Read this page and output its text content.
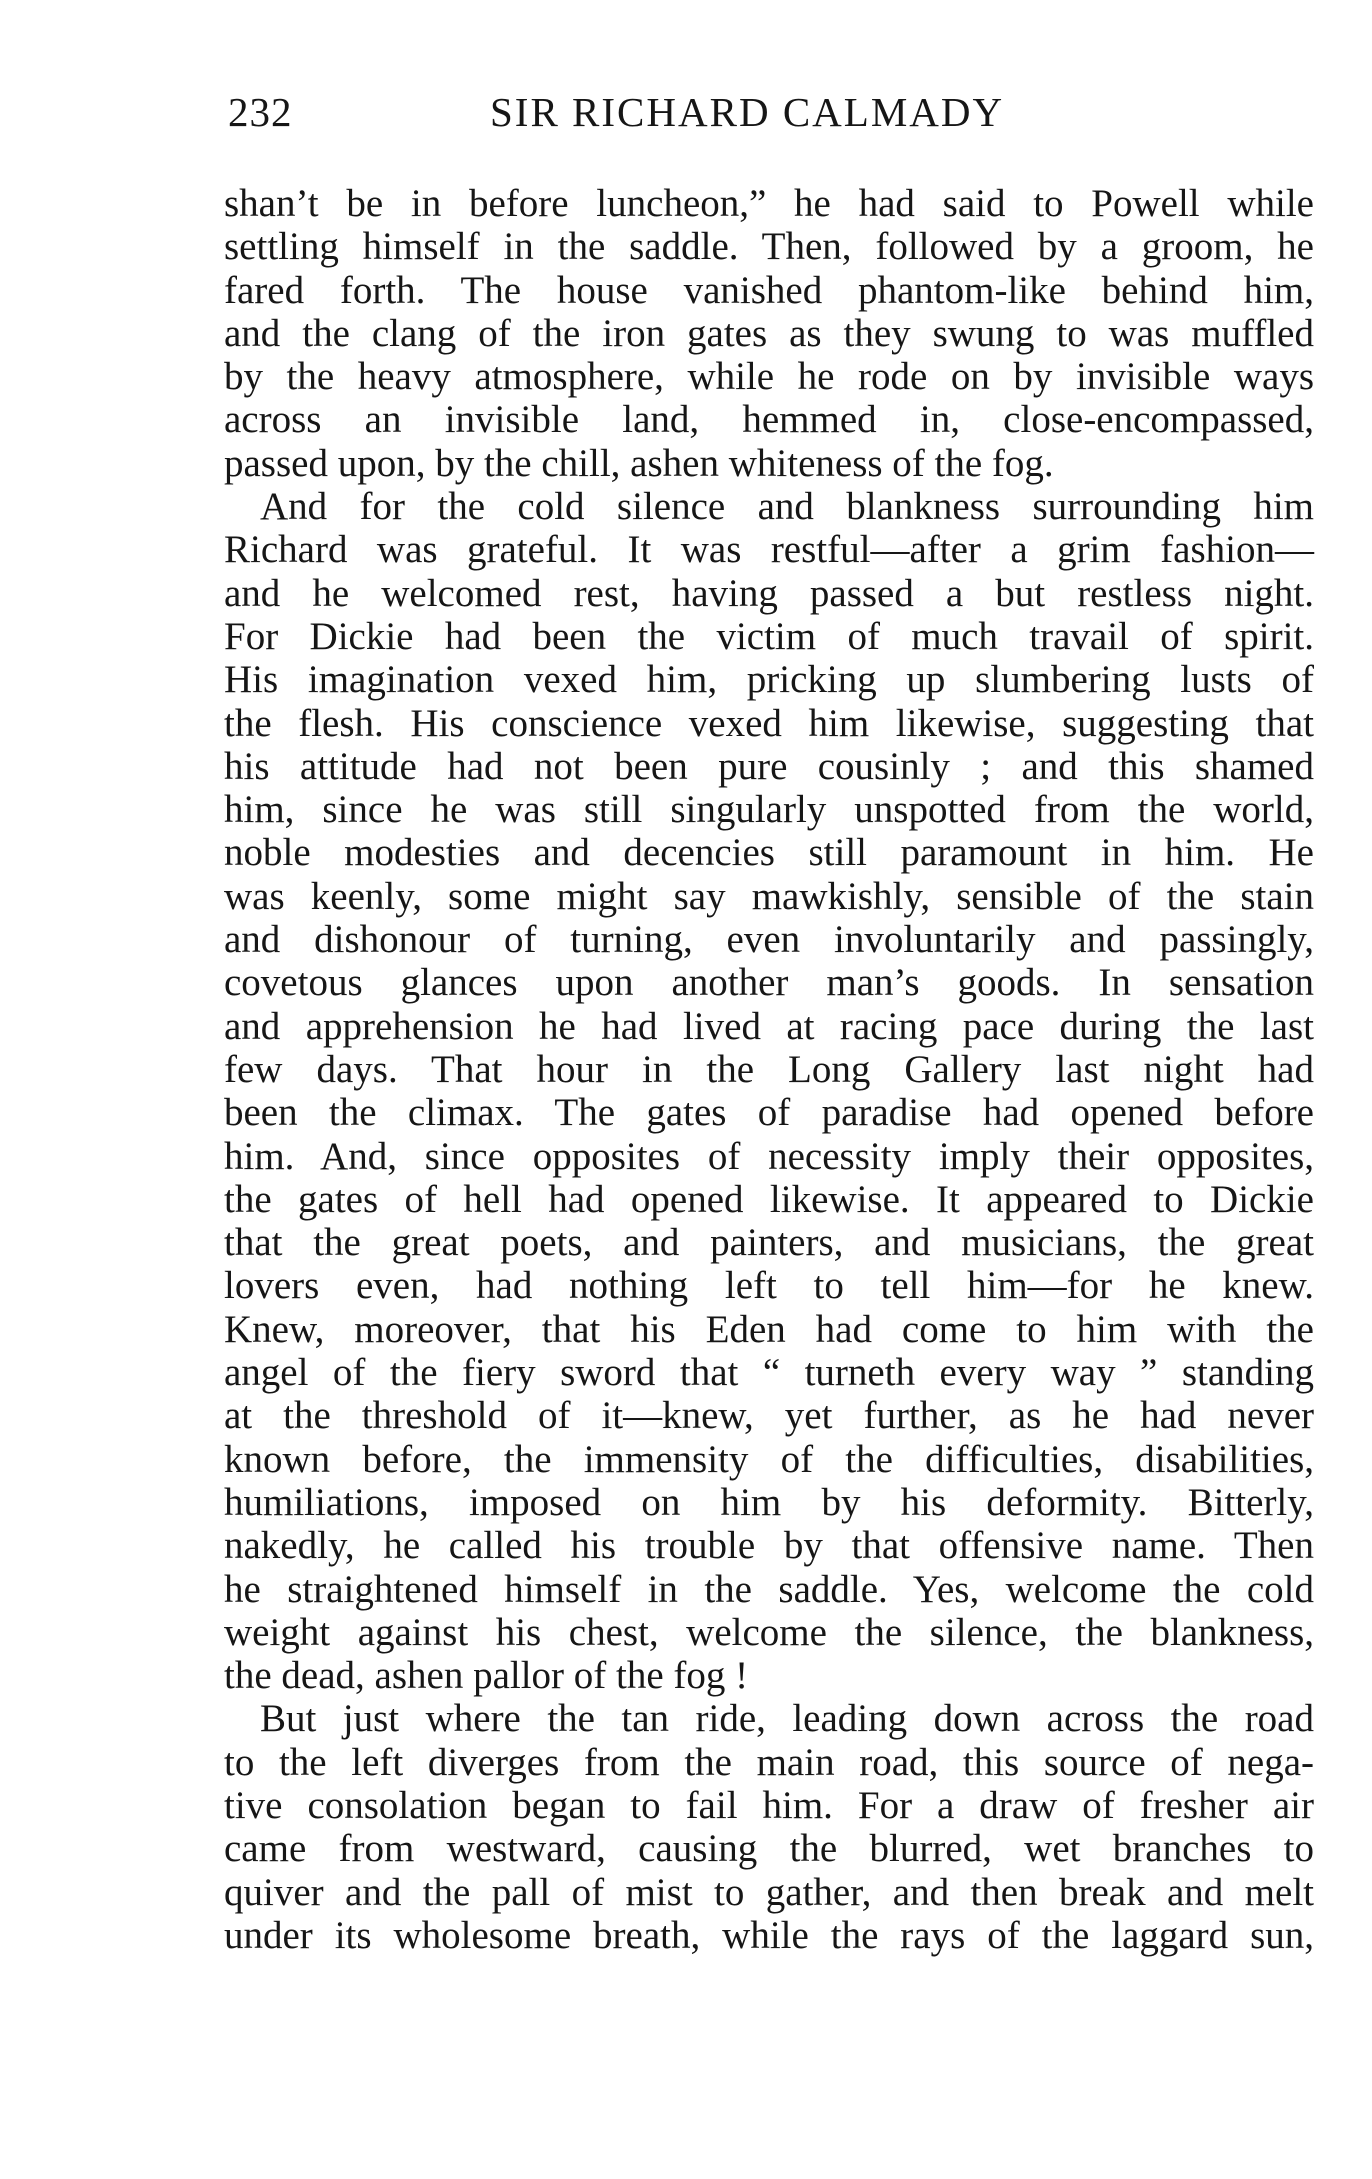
232	SIR RICHARD CALMADY
shan’t be in before luncheon,” he had said to Powell while
settling himself in the saddle. Then, followed by a groom, he
fared forth. The house vanished phantom-like behind him,
and the clang of the iron gates as they swung to was muffled
by the heavy atmosphere, while he rode on by invisible ways
across an invisible land, hemmed in, close-encompassed,
passed upon, by the chill, ashen whiteness of the fog.
And for the cold silence and blankness surrounding him
Richard was grateful. It was restful—after a grim fashion—
and he welcomed rest, having passed a but restless night.
For Dickie had been the victim of much travail of spirit.
His imagination vexed him, pricking up slumbering lusts of
the flesh. His conscience vexed him likewise, suggesting that
his attitude had not been pure cousinly ; and this shamed
him, since he was still singularly unspotted from the world,
noble modesties and decencies still paramount in him. He
was keenly, some might say mawkishly, sensible of the stain
and dishonour of turning, even involuntarily and passingly,
covetous glances upon another man’s goods. In sensation
and apprehension he had lived at racing pace during the last
few days. That hour in the Long Gallery last night had
been the climax. The gates of paradise had opened before
him. And, since opposites of necessity imply their opposites,
the gates of hell had opened likewise. It appeared to Dickie
that the great poets, and painters, and musicians, the great
lovers even, had nothing left to tell him—for he knew.
Knew, moreover, that his Eden had come to him with the
angel of the fiery sword that “ turneth every way ” standing
at the threshold of it—knew, yet further, as he had never
known before, the immensity of the difficulties, disabilities,
humiliations, imposed on him by his deformity. Bitterly,
nakedly, he called his trouble by that offensive name. Then
he straightened himself in the saddle. Yes, welcome the cold
weight against his chest, welcome the silence, the blankness,
the dead, ashen pallor of the fog !
But just where the tan ride, leading down across the road
to the left diverges from the main road, this source of nega-
tive consolation began to fail him. For a draw of fresher air
came from westward, causing the blurred, wet branches to
quiver and the pall of mist to gather, and then break and melt
under its wholesome breath, while the rays of the laggard sun,
